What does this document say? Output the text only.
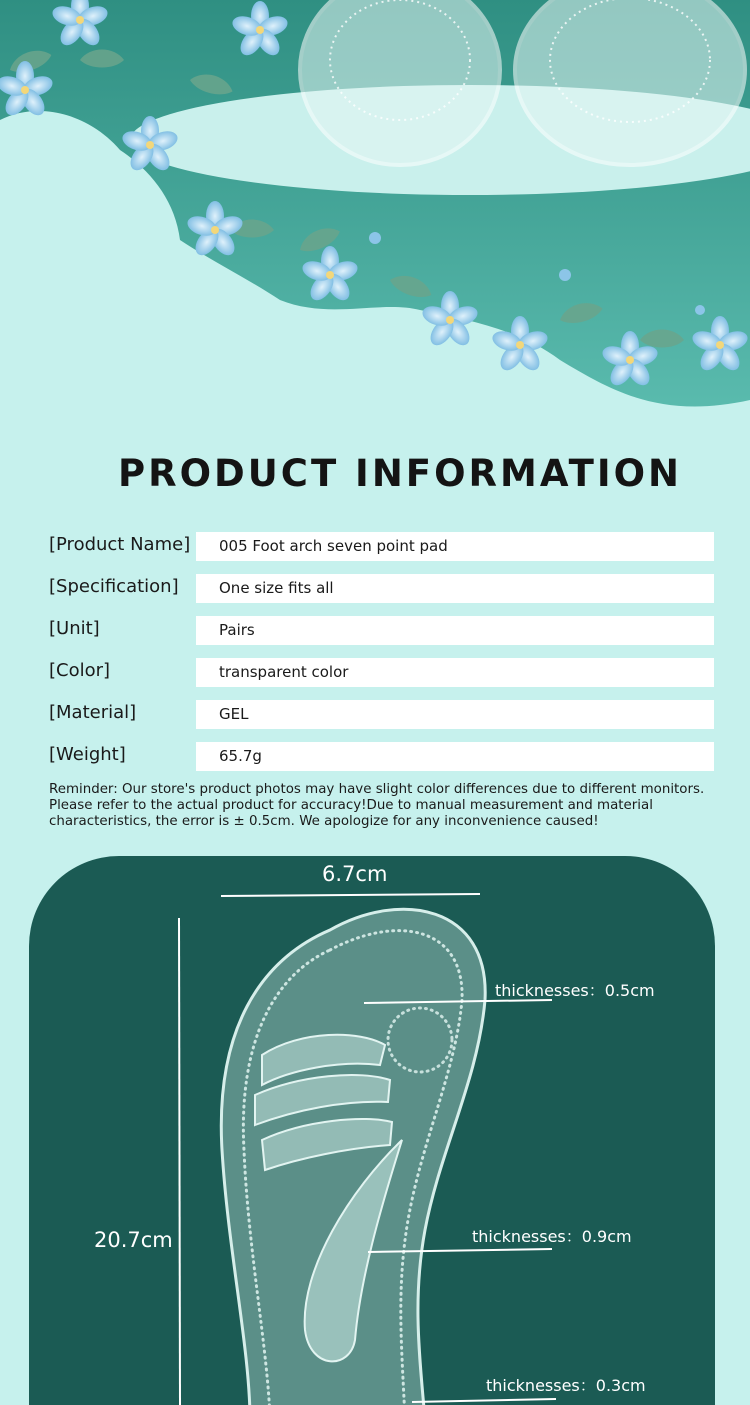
PRODUCT INFORMATION
[Product Name]	005 Foot arch seven point pad
[Specification]	One size fits all
[Unit]	Pairs
[Color]	transparent color
[Material]	GEL
[Weight]	65.7g
Reminder: Our store's product photos may have slight color differences due to different monitors. Please refer to the actual product for accuracy!Due to manual measurement and material characteristics, the error is ± 0.5cm. We apologize for any inconvenience caused!
6.7cm
20.7cm
thicknesses：0.5cm
thicknesses：0.9cm
thicknesses：0.3cm
